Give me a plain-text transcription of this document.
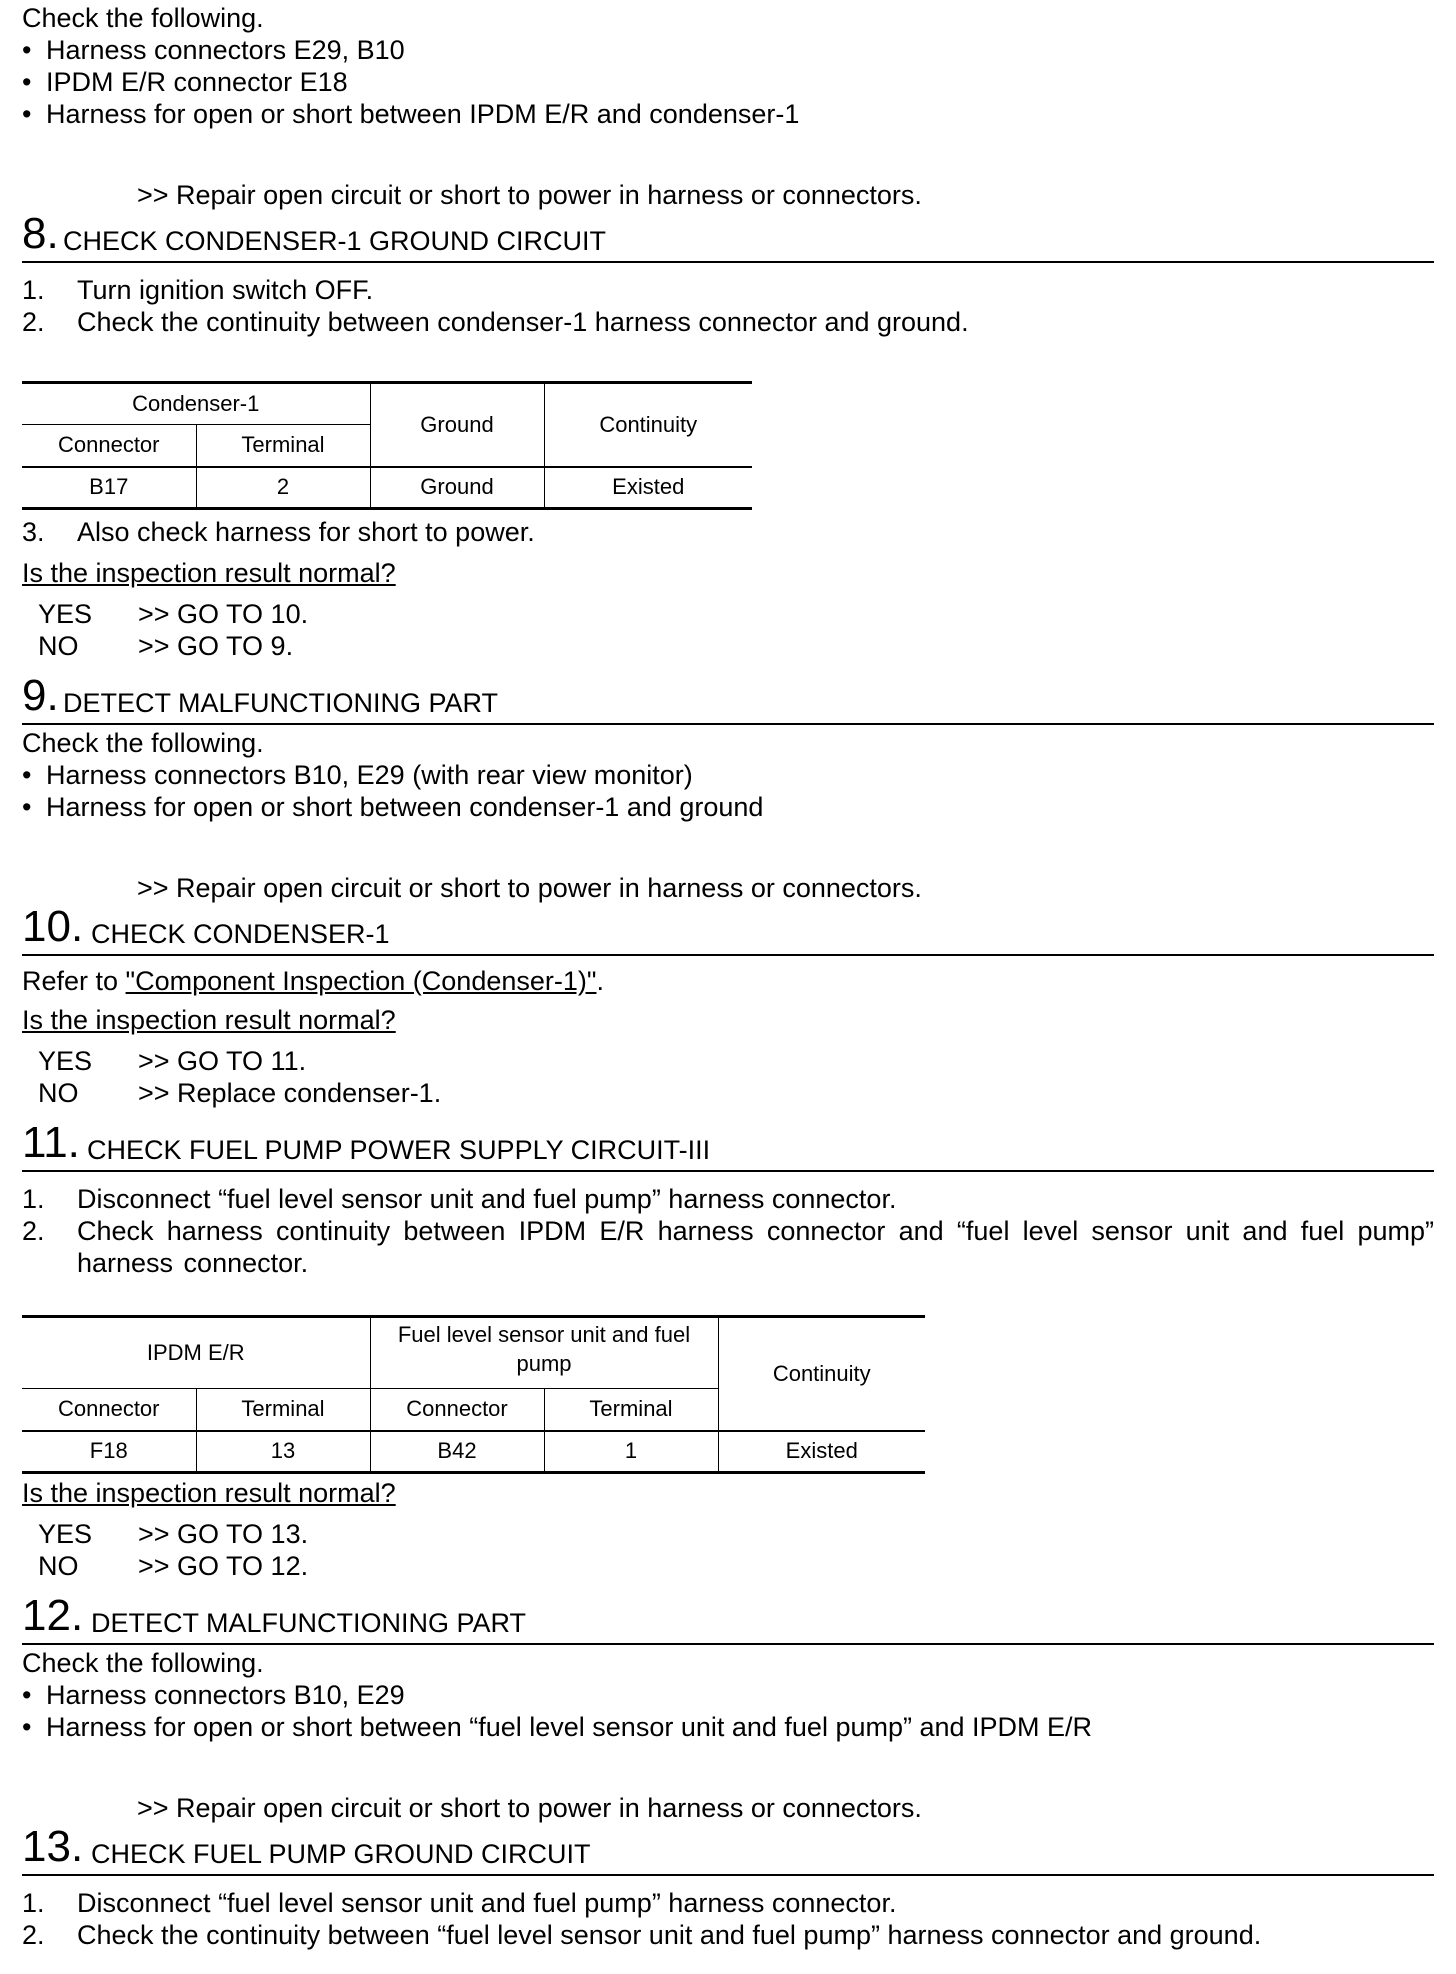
Check the following.
• Harness connectors E29, B10
• IPDM E/R connector E18
• Harness for open or short between IPDM E/R and condenser-1
>> Repair open circuit or short to power in harness or connectors.
8. CHECK CONDENSER-1 GROUND CIRCUIT
1. Turn ignition switch OFF.
2. Check the continuity between condenser-1 harness connector and ground.
Condenser-1		Ground	Continuity
Connector	Terminal		
B17	2	Ground	Existed
3. Also check harness for short to power.
Is the inspection result normal?
YES >> GO TO 10.
NO >> GO TO 9.
9. DETECT MALFUNCTIONING PART
Check the following.
• Harness connectors B10, E29 (with rear view monitor)
• Harness for open or short between condenser-1 and ground
>> Repair open circuit or short to power in harness or connectors.
10. CHECK CONDENSER-1
Refer to "Component Inspection (Condenser-1)".
Is the inspection result normal?
YES >> GO TO 11.
NO >> Replace condenser-1.
11. CHECK FUEL PUMP POWER SUPPLY CIRCUIT-III
1. Disconnect “fuel level sensor unit and fuel pump” harness connector.
2. Check harness continuity between IPDM E/R harness connector and “fuel level sensor unit and fuel pump” harness connector.
IPDM E/R		Fuel level sensor unit and fuel pump		Continuity
Connector	Terminal	Connector	Terminal	
F18	13	B42	1	Existed
Is the inspection result normal?
YES >> GO TO 13.
NO >> GO TO 12.
12. DETECT MALFUNCTIONING PART
Check the following.
• Harness connectors B10, E29
• Harness for open or short between “fuel level sensor unit and fuel pump” and IPDM E/R
>> Repair open circuit or short to power in harness or connectors.
13. CHECK FUEL PUMP GROUND CIRCUIT
1. Disconnect “fuel level sensor unit and fuel pump” harness connector.
2. Check the continuity between “fuel level sensor unit and fuel pump” harness connector and ground.
